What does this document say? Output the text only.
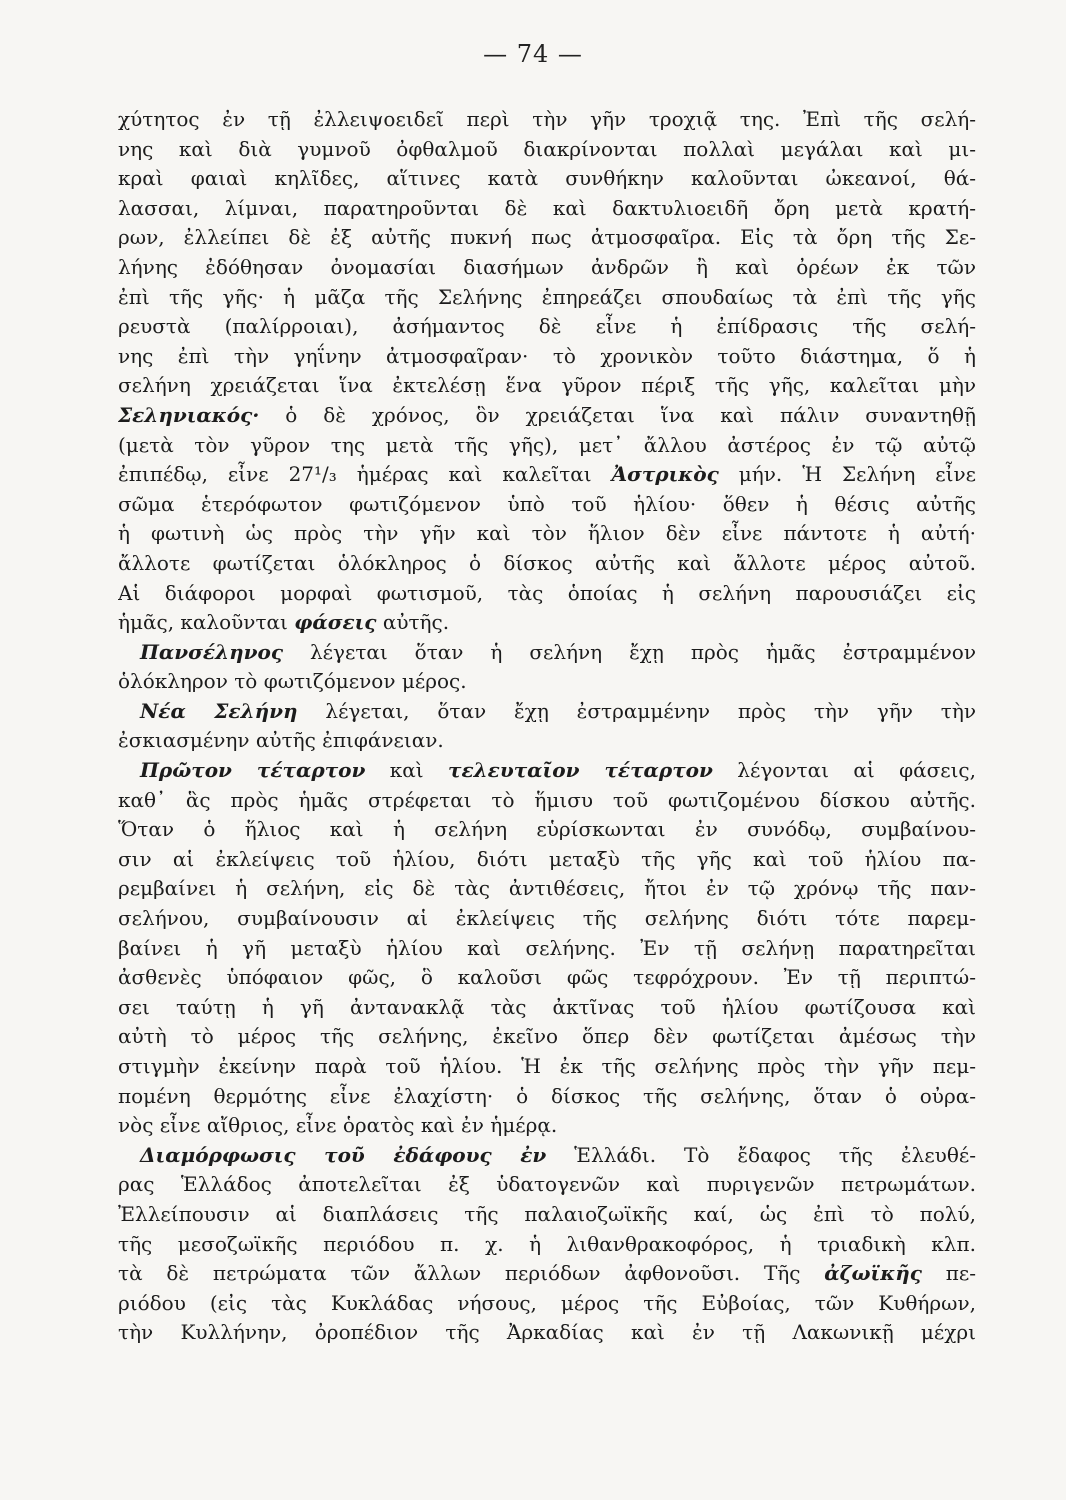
— 74 —
χύτητος ἐν τῇ ἐλλειψοειδεῖ περὶ τὴν γῆν τροχιᾷ της. Ἐπὶ τῆς σελή-
νης καὶ διὰ γυμνοῦ ὀφθαλμοῦ διακρίνονται πολλαὶ μεγάλαι καὶ μι-
κραὶ φαιαὶ κηλῖδες, αἵτινες κατὰ συνθήκην καλοῦνται ὠκεανοί, θά-
λασσαι, λίμναι, παρατηροῦνται δὲ καὶ δακτυλιοειδῆ ὄρη μετὰ κρατή-
ρων, ἐλλείπει δὲ ἐξ αὐτῆς πυκνή πως ἀτμοσφαῖρα. Εἰς τὰ ὄρη τῆς Σε-
λήνης ἐδόθησαν ὀνομασίαι διασήμων ἀνδρῶν ἢ καὶ ὀρέων ἐκ τῶν
ἐπὶ τῆς γῆς· ἡ μᾶζα τῆς Σελήνης ἐπηρεάζει σπουδαίως τὰ ἐπὶ τῆς γῆς
ρευστὰ (παλίρροιαι), ἀσήμαντος δὲ εἶνε ἡ ἐπίδρασις τῆς σελή-
νης ἐπὶ τὴν γηΐνην ἀτμοσφαῖραν· τὸ χρονικὸν τοῦτο διάστημα, ὅ ἡ
σελήνη χρειάζεται ἵνα ἐκτελέσῃ ἕνα γῦρον πέριξ τῆς γῆς, καλεῖται μὴν
Σεληνιακός· ὁ δὲ χρόνος, ὃν χρειάζεται ἵνα καὶ πάλιν συναντηθῇ
(μετὰ τὸν γῦρον της μετὰ τῆς γῆς), μετ᾽ ἄλλου ἀστέρος ἐν τῷ αὐτῷ
ἐπιπέδῳ, εἶνε 27¹/₃ ἡμέρας καὶ καλεῖται Ἀστρικὸς μήν. Ἡ Σελήνη εἶνε
σῶμα ἑτερόφωτον φωτιζόμενον ὑπὸ τοῦ ἡλίου· ὅθεν ἡ θέσις αὐτῆς
ἡ φωτινὴ ὡς πρὸς τὴν γῆν καὶ τὸν ἥλιον δὲν εἶνε πάντοτε ἡ αὐτή·
ἄλλοτε φωτίζεται ὁλόκληρος ὁ δίσκος αὐτῆς καὶ ἄλλοτε μέρος αὐτοῦ.
Αἱ διάφοροι μορφαὶ φωτισμοῦ, τὰς ὁποίας ἡ σελήνη παρουσιάζει εἰς
ἡμᾶς, καλοῦνται φάσεις αὐτῆς.
Πανσέληνος λέγεται ὅταν ἡ σελήνη ἔχῃ πρὸς ἡμᾶς ἐστραμμένον
ὁλόκληρον τὸ φωτιζόμενον μέρος.
Νέα Σελήνη λέγεται, ὅταν ἔχῃ ἐστραμμένην πρὸς τὴν γῆν τὴν
ἐσκιασμένην αὐτῆς ἐπιφάνειαν.
Πρῶτον τέταρτον καὶ τελευταῖον τέταρτον λέγονται αἱ φάσεις,
καθ᾽ ἃς πρὸς ἡμᾶς στρέφεται τὸ ἥμισυ τοῦ φωτιζομένου δίσκου αὐτῆς.
Ὅταν ὁ ἥλιος καὶ ἡ σελήνη εὑρίσκωνται ἐν συνόδῳ, συμβαίνου-
σιν αἱ ἐκλείψεις τοῦ ἡλίου, διότι μεταξὺ τῆς γῆς καὶ τοῦ ἡλίου πα-
ρεμβαίνει ἡ σελήνη, εἰς δὲ τὰς ἀντιθέσεις, ἤτοι ἐν τῷ χρόνῳ τῆς παν-
σελήνου, συμβαίνουσιν αἱ ἐκλείψεις τῆς σελήνης διότι τότε παρεμ-
βαίνει ἡ γῆ μεταξὺ ἡλίου καὶ σελήνης. Ἐν τῇ σελήνῃ παρατηρεῖται
ἀσθενὲς ὑπόφαιον φῶς, ὃ καλοῦσι φῶς τεφρόχρουν. Ἐν τῇ περιπτώ-
σει ταύτῃ ἡ γῆ ἀντανακλᾷ τὰς ἀκτῖνας τοῦ ἡλίου φωτίζουσα καὶ
αὐτὴ τὸ μέρος τῆς σελήνης, ἐκεῖνο ὅπερ δὲν φωτίζεται ἀμέσως τὴν
στιγμὴν ἐκείνην παρὰ τοῦ ἡλίου. Ἡ ἐκ τῆς σελήνης πρὸς τὴν γῆν πεμ-
πομένη θερμότης εἶνε ἐλαχίστη· ὁ δίσκος τῆς σελήνης, ὅταν ὁ οὐρα-
νὸς εἶνε αἴθριος, εἶνε ὁρατὸς καὶ ἐν ἡμέρᾳ.
Διαμόρφωσις τοῦ ἐδάφους ἐν Ἑλλάδι. Τὸ ἔδαφος τῆς ἐλευθέ-
ρας Ἑλλάδος ἀποτελεῖται ἐξ ὑδατογενῶν καὶ πυριγενῶν πετρωμάτων.
Ἐλλείπουσιν αἱ διαπλάσεις τῆς παλαιοζωϊκῆς καί, ὡς ἐπὶ τὸ πολύ,
τῆς μεσοζωϊκῆς περιόδου π. χ. ἡ λιθανθρακοφόρος, ἡ τριαδικὴ κλπ.
τὰ δὲ πετρώματα τῶν ἄλλων περιόδων ἀφθονοῦσι. Τῆς ἀζωϊκῆς πε-
ριόδου (εἰς τὰς Κυκλάδας νήσους, μέρος τῆς Εὐβοίας, τῶν Κυθήρων,
τὴν Κυλλήνην, ὀροπέδιον τῆς Ἀρκαδίας καὶ ἐν τῇ Λακωνικῇ μέχρι
